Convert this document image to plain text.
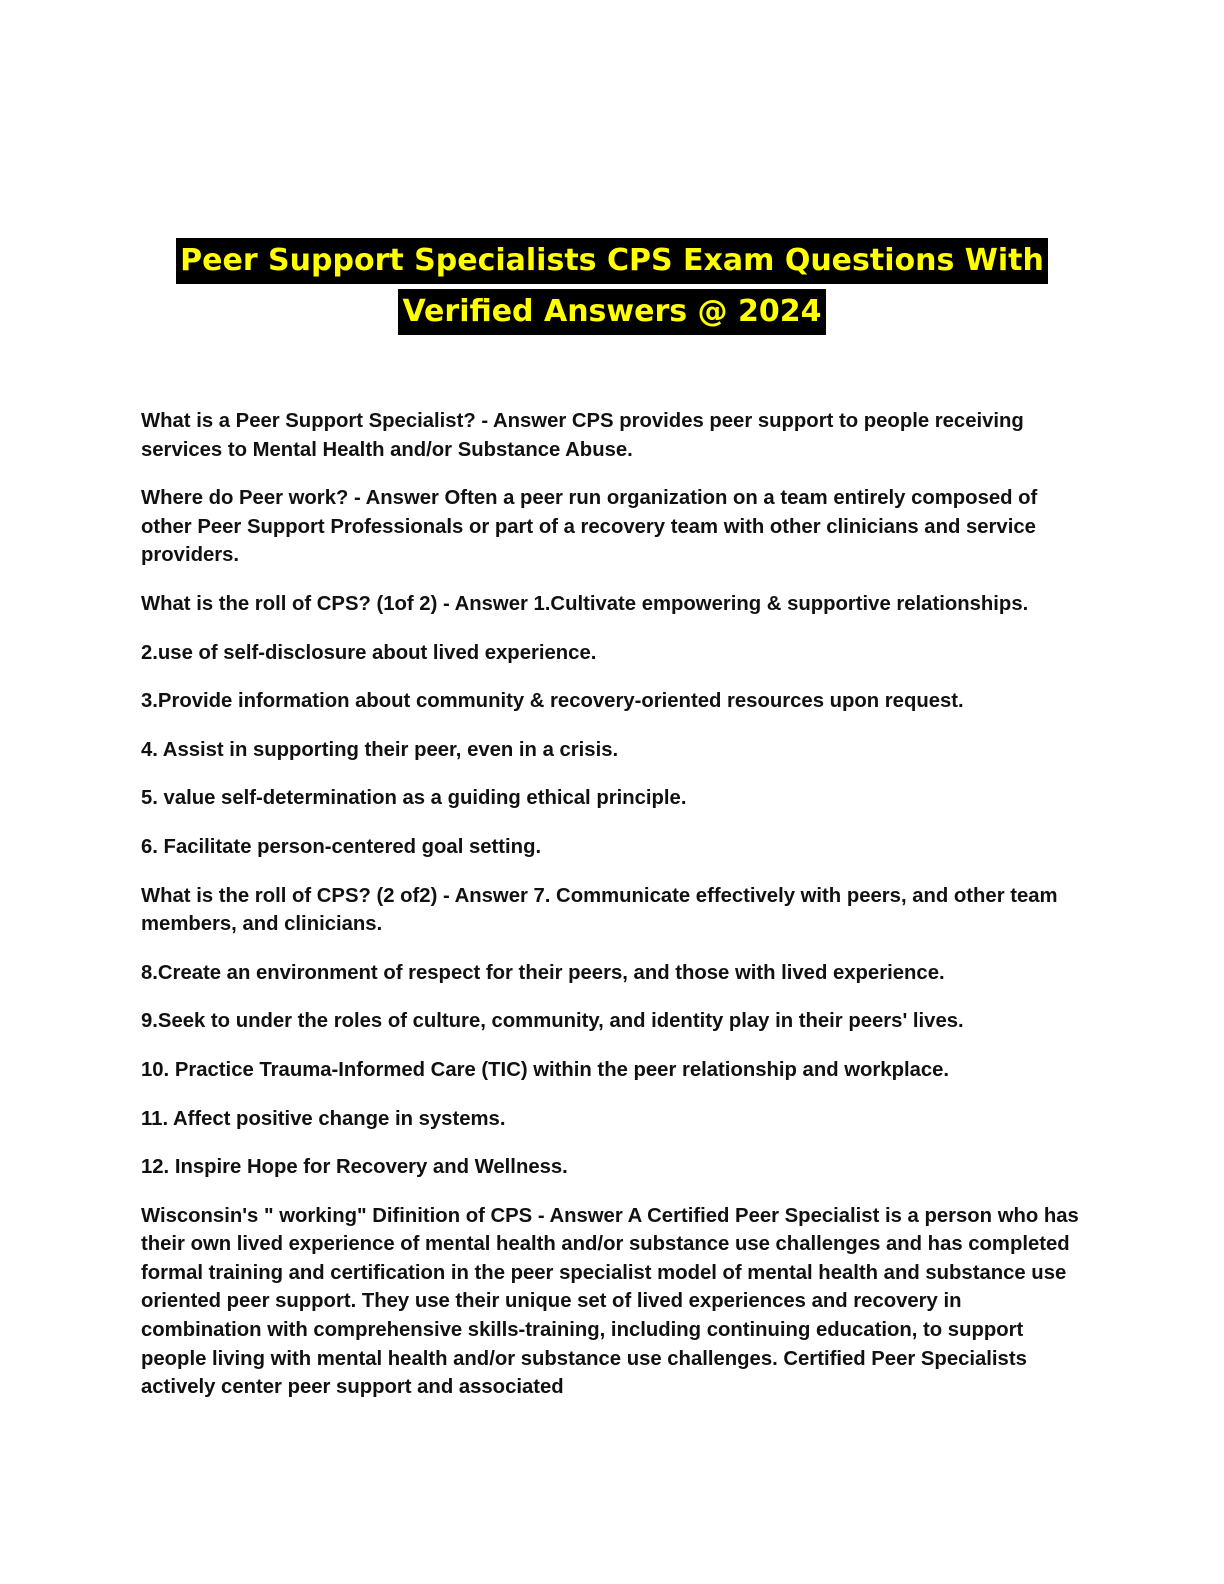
Peer Support Specialists CPS Exam Questions With
Verified Answers @ 2024

What is a Peer Support Specialist? - Answer CPS provides peer support to people receiving services to Mental Health and/or Substance Abuse.

Where do Peer work? - Answer Often a peer run organization on a team entirely composed of other Peer Support Professionals or part of a recovery team with other clinicians and service providers.

What is the roll of CPS? (1of 2) - Answer 1.Cultivate empowering & supportive relationships.

2.use of self-disclosure about lived experience.

3.Provide information about community & recovery-oriented resources upon request.

4. Assist in supporting their peer, even in a crisis.

5. value self-determination as a guiding ethical principle.

6. Facilitate person-centered goal setting.

What is the roll of CPS? (2 of2) - Answer 7. Communicate effectively with peers, and other team members, and clinicians.

8.Create an environment of respect for their peers, and those with lived experience.

9.Seek to under the roles of culture, community, and identity play in their peers' lives.

10. Practice Trauma-Informed Care (TIC) within the peer relationship and workplace.

11. Affect positive change in systems.

12. Inspire Hope for Recovery and Wellness.

Wisconsin's " working" Difinition of CPS - Answer A Certified Peer Specialist is a person who has their own lived experience of mental health and/or substance use challenges and has completed formal training and certification in the peer specialist model of mental health and substance use oriented peer support. They use their unique set of lived experiences and recovery in combination with comprehensive skills-training, including continuing education, to support people living with mental health and/or substance use challenges. Certified Peer Specialists actively center peer support and associated
